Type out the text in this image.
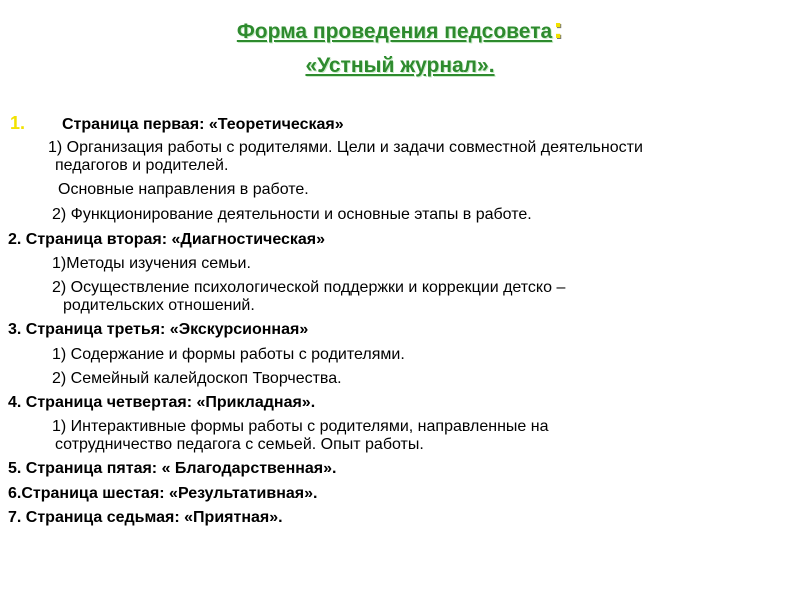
Форма проведения педсовета:
«Устный журнал».
1. Страница первая: «Теоретическая»
1) Организация работы с родителями. Цели и задачи совместной деятельности
педагогов и родителей.
Основные направления в работе.
2) Функционирование деятельности и основные этапы в работе.
2. Страница вторая: «Диагностическая»
1)Методы изучения семьи.
2) Осуществление психологической поддержки и коррекции детско –
родительских отношений.
3. Страница третья: «Экскурсионная»
1) Содержание и формы работы с родителями.
2) Семейный калейдоскоп Творчества.
4. Страница четвертая: «Прикладная».
1) Интерактивные формы работы с родителями, направленные на
сотрудничество педагога с семьей. Опыт работы.
5. Страница пятая: « Благодарственная».
6.Страница шестая: «Результативная».
7. Страница седьмая: «Приятная».
